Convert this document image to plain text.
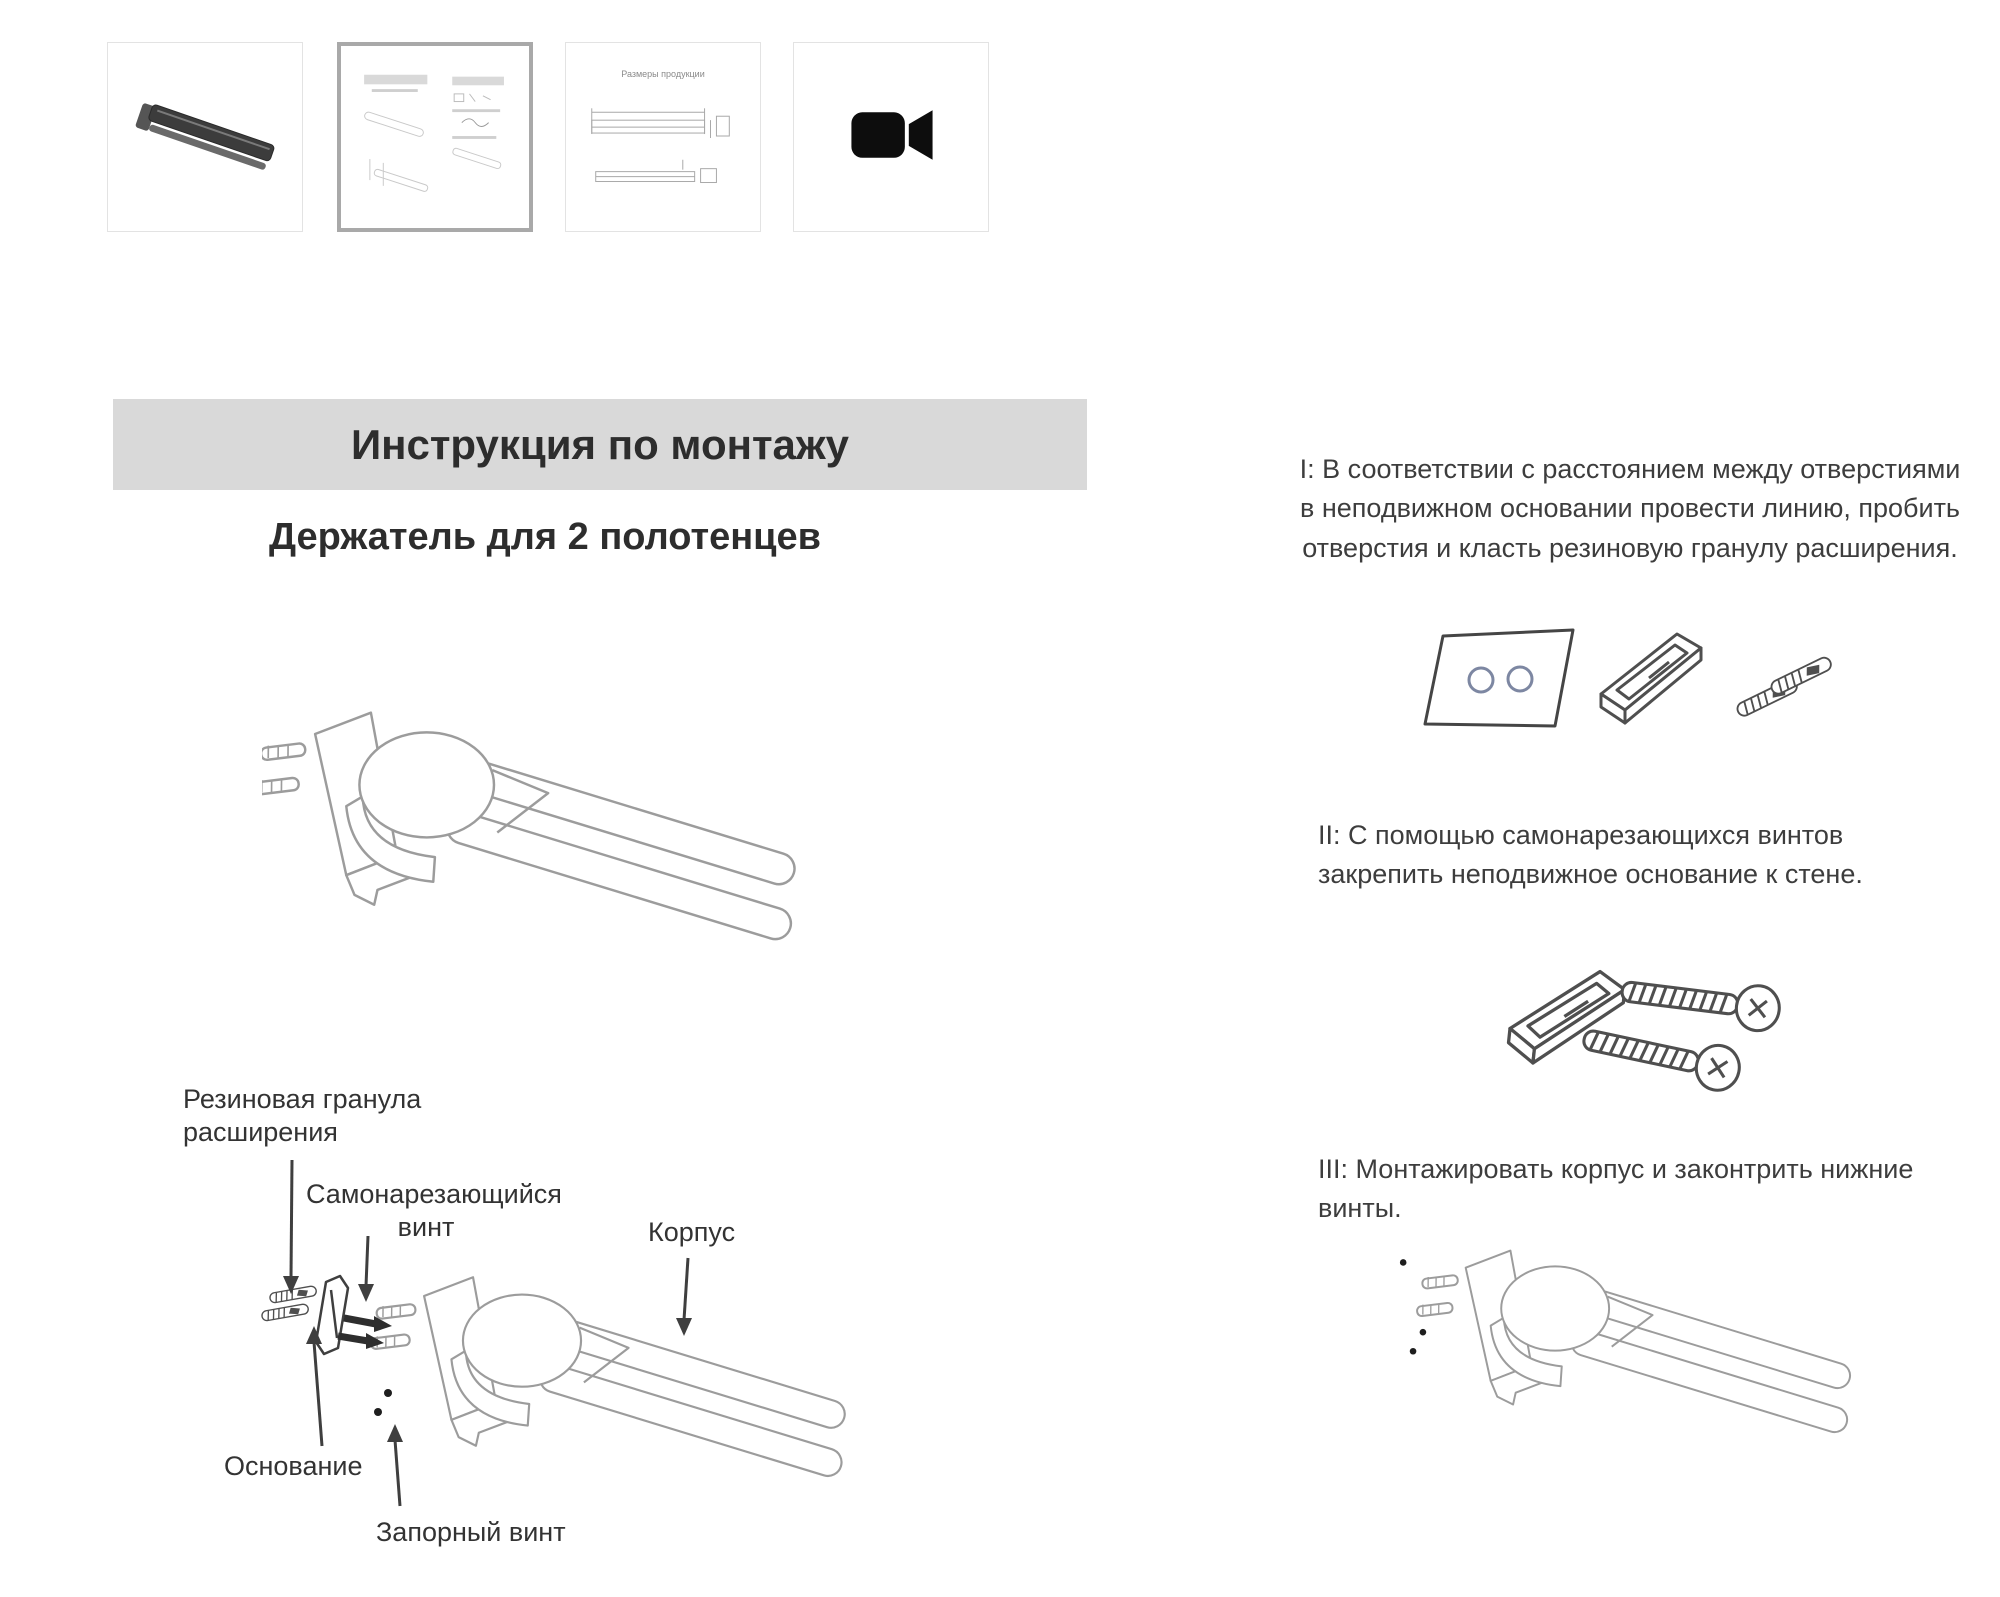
Размеры продукции
Инструкция по монтажу
Держатель для 2 полотенцев
Резиновая гранула расширения
Самонарезающийся винт	Корпус
Основание
Запорный винт
I: В соответствии с расстоянием между отверстиями в неподвижном основании провести линию, пробить отверстия и класть резиновую гранулу расширения.
II: С помощью самонарезающихся винтов закрепить неподвижное основание к стене.
III: Монтажировать корпус и законтрить нижние винты.
